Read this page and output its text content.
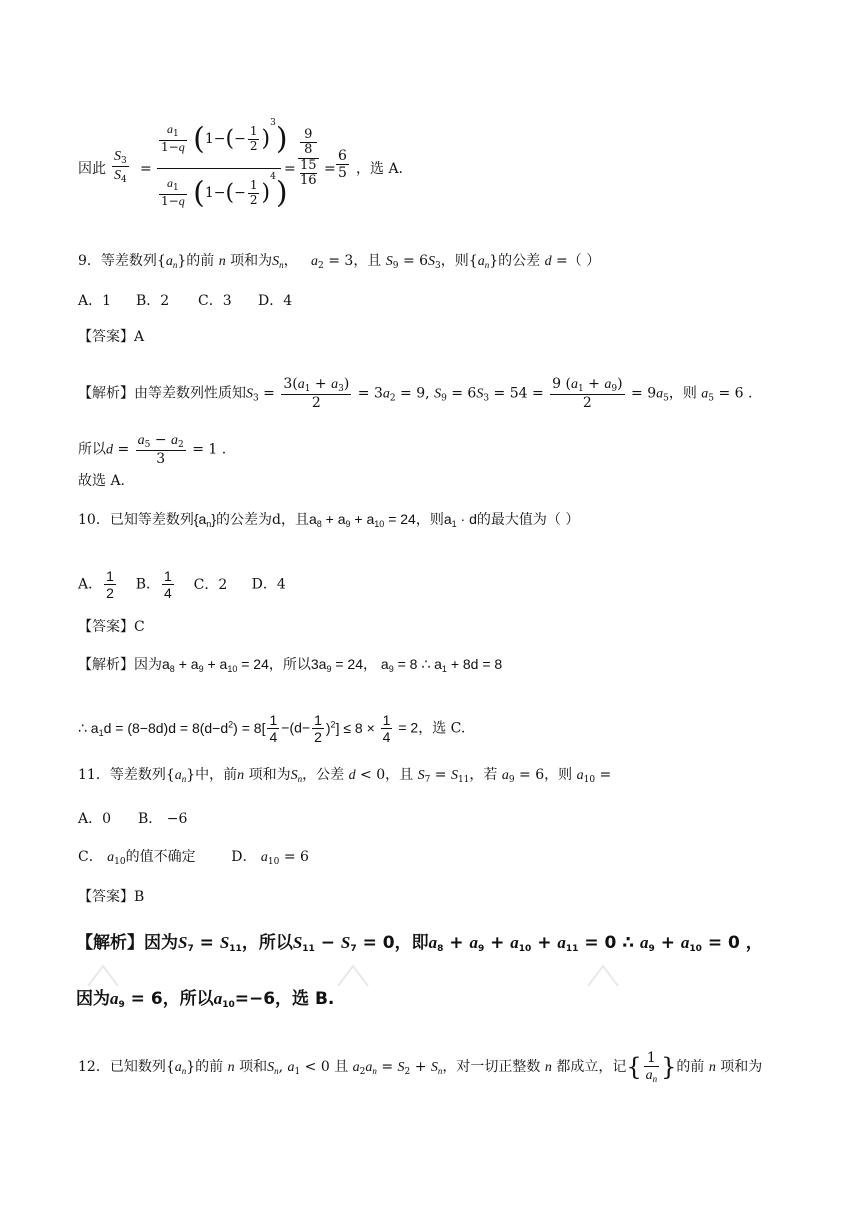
因此 $\frac{S_3}{S_4}$ =
$\frac{a_1}{1-q} (1-(- \frac{1}{2} )^3)$
$\frac{a_1}{1-q} (1-(- \frac{1}{2} )^4)$
= 9
8
15
$16 = \frac{6}{5}$ ，选 A.
9．等差数列$\{a_n\}$的前 n 项和为$S_n$，   $a_2 = 3$，且 $S_9 = 6S_3$，则$\{a_n\}$的公差 d =（ ）
A．1 B．2 C．3 D．4
【答案】A
【解析】由等差数列性质知$S_3 = \frac{3(a_1 + a_3)}{2} = 3a_2 = 9$, $S_9 = 6S_3 = 54 = \frac{9 (a_1 + a_9)}{2} = 9a_5$，则 $a_5 = 6$ .
所以$d = \frac{a_5 - a_2}{3} = 1$ .
故选 A.
10．已知等差数列$\{a_n\}$的公差为d，且$a_8 + a_9 + a_{10} = 24$，则$a_1 \cdot d$的最大值为（ ）
A． $\frac{1}{2}$ B． $\frac{1}{4}$ C．2 D．4
【答案】C
【解析】因为$a_8 + a_9 + a_{10} = 24$，所以$3a_9 = 24$， $a_9 = 8$ ∴ $a_1 + 8d = 8$
∴ $a_1d = (8-8d)d = 8(d-d^2) = 8[ \frac{1}{4} -(d- \frac{1}{2} )^2] \le 8 \times \frac{1}{4} = 2$，选 C.
11．等差数列$\{a_n\}$中，前n 项和为$S_n$，公差 d < 0，且 $S_7 = S_{11}$，若 $a_9 = 6$，则 $a_{10}$ =
A．0 B． −6
C． $a_{10}$的值不确定	D． $a_{10} = 6$
【答案】B
【解析】因为$S_7 = S_{11}$，所以$S_{11} - S_7 = 0$，即$a_8 + a_9 + a_{10} + a_{11} = 0$ ∴ $a_9 + a_{10} = 0$ ，
因为$a_9 = 6$，所以$a_{10}=-6$，选 B.
12．已知数列$\{a_n\}$的前 n 项和$S_n$, $a_1 < 0$ 且 $a_2a_n = S_2 + S_n$，对一切正整数 n 都成立，记{ $\frac{1}{a_n}$ }的前 n 项和为
